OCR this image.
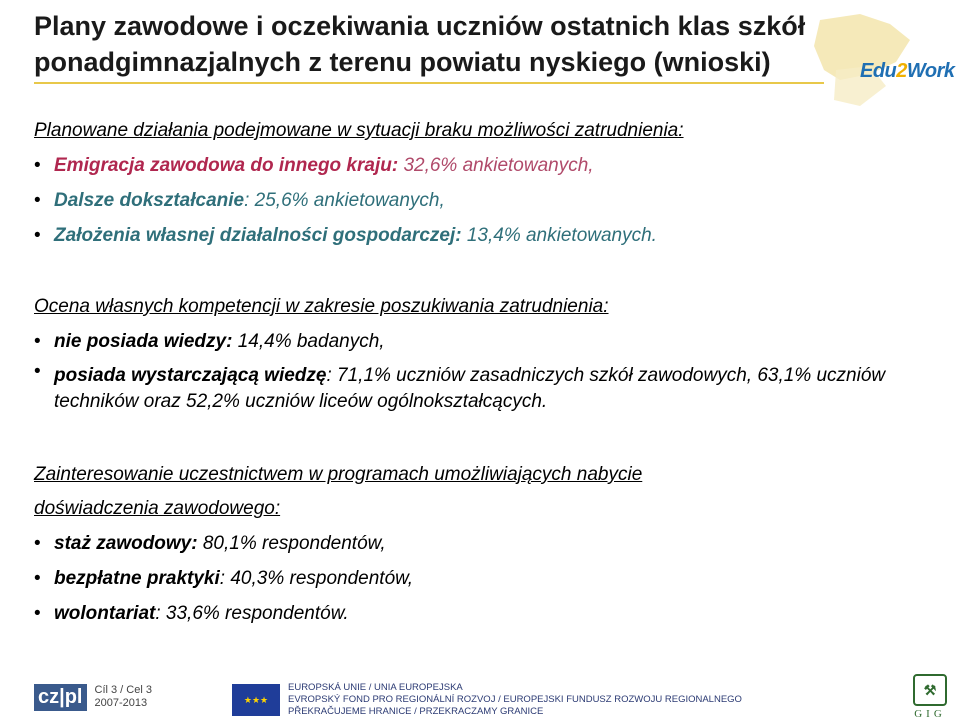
Plany zawodowe i oczekiwania uczniów ostatnich klas szkół
ponadgimnazjalnych z terenu powiatu nyskiego (wnioski)	Edu2Work

Planowane działania podejmowane w sytuacji braku możliwości zatrudnienia:

• Emigracja zawodowa do innego kraju: 32,6% ankietowanych,
• Dalsze dokształcanie: 25,6% ankietowanych,
• Założenia własnej działalności gospodarczej: 13,4% ankietowanych.

Ocena własnych kompetencji w zakresie poszukiwania zatrudnienia:

• nie posiada wiedzy: 14,4% badanych,
• posiada wystarczającą wiedzę: 71,1% uczniów zasadniczych szkół zawodowych, 63,1% uczniów techników oraz 52,2% uczniów liceów ogólnokształcących.

Zainteresowanie uczestnictwem w programach umożliwiających nabycie
doświadczenia zawodowego:

• staż zawodowy: 80,1% respondentów,
• bezpłatne praktyki: 40,3% respondentów,
• wolontariat: 33,6% respondentów.
cz|pl	Cíl 3 / Cel 3
2007-2013	★★★
EUROPSKÁ UNIE / UNIA EUROPEJSKA
EVROPSKÝ FOND PRO REGIONÁLNÍ ROZVOJ / EUROPEJSKI FUNDUSZ ROZWOJU REGIONALNEGO
PŘEKRAČUJEME HRANICE / PRZEKRACZAMY GRANICE
⚒
GIG
